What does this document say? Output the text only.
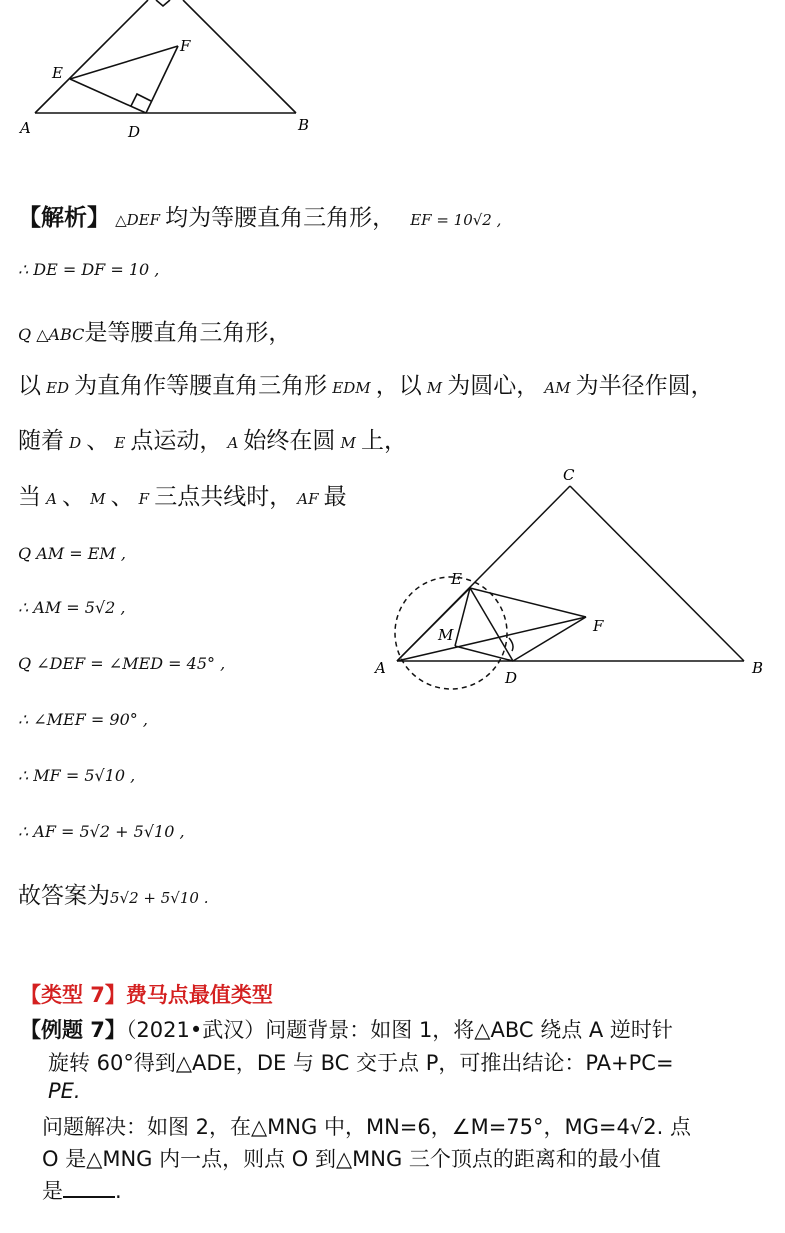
E
F
A	D	B
C
E
F
M
A
D
B
【解析】 △DEF 均为等腰直角三角形， EF = 10√2 ,
∴ DE = DF = 10 ,
Q △ABC是等腰直角三角形，
以 ED 为直角作等腰直角三角形 EDM ，以 M 为圆心， AM 为半径作圆，
随着 D 、 E 点运动， A 始终在圆 M 上，
当 A 、 M 、 F 三点共线时， AF 最
Q AM = EM ,
∴ AM = 5√2 ,
Q ∠DEF = ∠MED = 45° ,
∴ ∠MEF = 90° ,
∴ MF = 5√10 ,
∴ AF = 5√2 + 5√10 ,
故答案为5√2 + 5√10 .
【类型 7】费马点最值类型
【例题 7】（2021•武汉）问题背景：如图 1，将△ABC 绕点 A 逆时针
旋转 60°得到△ADE，DE 与 BC 交于点 P，可推出结论：PA+PC=
PE.
问题解决：如图 2，在△MNG 中，MN=6，∠M=75°，MG=4√2. 点
O 是△MNG 内一点，则点 O 到△MNG 三个顶点的距离和的最小值
是 .
